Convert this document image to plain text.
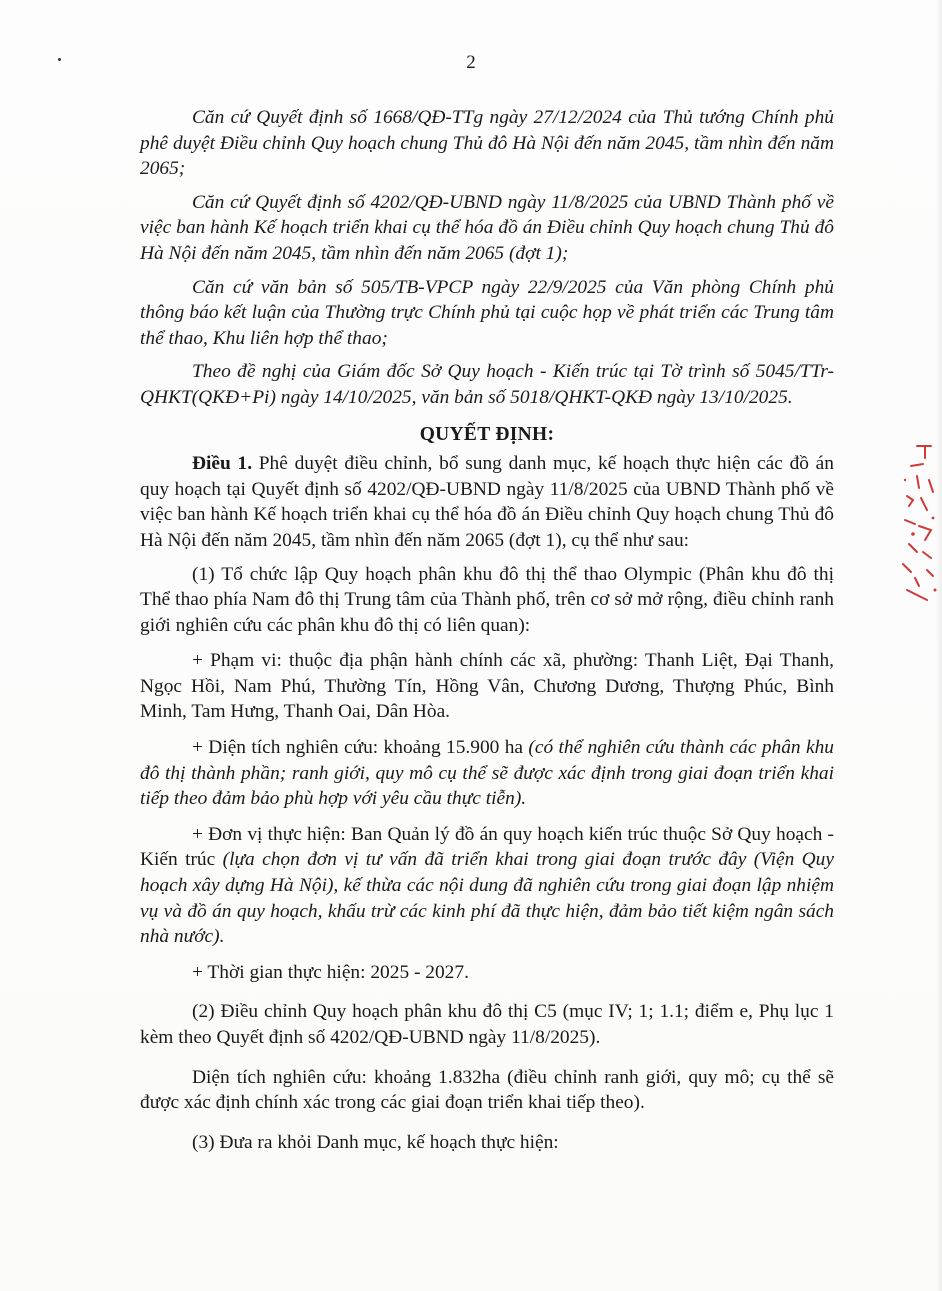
2

Căn cứ Quyết định số 1668/QĐ-TTg ngày 27/12/2024 của Thủ tướng Chính phủ phê duyệt Điều chỉnh Quy hoạch chung Thủ đô Hà Nội đến năm 2045, tầm nhìn đến năm 2065;

Căn cứ Quyết định số 4202/QĐ-UBND ngày 11/8/2025 của UBND Thành phố về việc ban hành Kế hoạch triển khai cụ thể hóa đồ án Điều chỉnh Quy hoạch chung Thủ đô Hà Nội đến năm 2045, tầm nhìn đến năm 2065 (đợt 1);

Căn cứ văn bản số 505/TB-VPCP ngày 22/9/2025 của Văn phòng Chính phủ thông báo kết luận của Thường trực Chính phủ tại cuộc họp về phát triển các Trung tâm thể thao, Khu liên hợp thể thao;

Theo đề nghị của Giám đốc Sở Quy hoạch - Kiến trúc tại Tờ trình số 5045/TTr-QHKT(QKĐ+Pi) ngày 14/10/2025, văn bản số 5018/QHKT-QKĐ ngày 13/10/2025.

QUYẾT ĐỊNH:

Điều 1. Phê duyệt điều chỉnh, bổ sung danh mục, kế hoạch thực hiện các đồ án quy hoạch tại Quyết định số 4202/QĐ-UBND ngày 11/8/2025 của UBND Thành phố về việc ban hành Kế hoạch triển khai cụ thể hóa đồ án Điều chỉnh Quy hoạch chung Thủ đô Hà Nội đến năm 2045, tầm nhìn đến năm 2065 (đợt 1), cụ thể như sau:

(1) Tổ chức lập Quy hoạch phân khu đô thị thể thao Olympic (Phân khu đô thị Thể thao phía Nam đô thị Trung tâm của Thành phố, trên cơ sở mở rộng, điều chỉnh ranh giới nghiên cứu các phân khu đô thị có liên quan):

+ Phạm vi: thuộc địa phận hành chính các xã, phường: Thanh Liệt, Đại Thanh, Ngọc Hồi, Nam Phú, Thường Tín, Hồng Vân, Chương Dương, Thượng Phúc, Bình Minh, Tam Hưng, Thanh Oai, Dân Hòa.

+ Diện tích nghiên cứu: khoảng 15.900 ha (có thể nghiên cứu thành các phân khu đô thị thành phần; ranh giới, quy mô cụ thể sẽ được xác định trong giai đoạn triển khai tiếp theo đảm bảo phù hợp với yêu cầu thực tiễn).

+ Đơn vị thực hiện: Ban Quản lý đồ án quy hoạch kiến trúc thuộc Sở Quy hoạch - Kiến trúc (lựa chọn đơn vị tư vấn đã triển khai trong giai đoạn trước đây (Viện Quy hoạch xây dựng Hà Nội), kế thừa các nội dung đã nghiên cứu trong giai đoạn lập nhiệm vụ và đồ án quy hoạch, khấu trừ các kinh phí đã thực hiện, đảm bảo tiết kiệm ngân sách nhà nước).

+ Thời gian thực hiện: 2025 - 2027.

(2) Điều chỉnh Quy hoạch phân khu đô thị C5 (mục IV; 1; 1.1; điểm e, Phụ lục 1 kèm theo Quyết định số 4202/QĐ-UBND ngày 11/8/2025).

Diện tích nghiên cứu: khoảng 1.832ha (điều chỉnh ranh giới, quy mô; cụ thể sẽ được xác định chính xác trong các giai đoạn triển khai tiếp theo).

(3) Đưa ra khỏi Danh mục, kế hoạch thực hiện:
